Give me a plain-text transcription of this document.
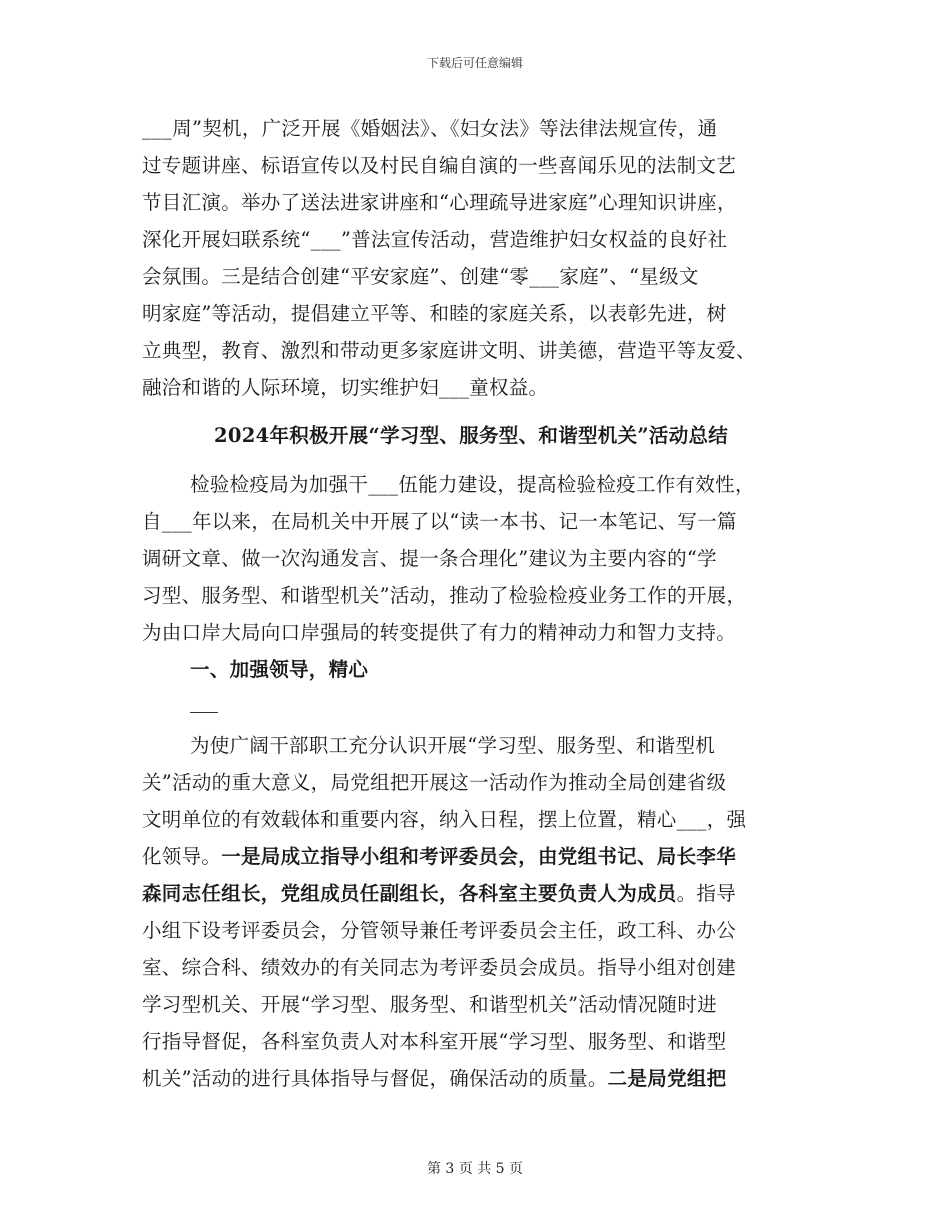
下载后可任意编辑
___周”契机，广泛开展《婚姻法》、《妇女法》等法律法规宣传，通
过专题讲座、标语宣传以及村民自编自演的一些喜闻乐见的法制文艺
节目汇演。举办了送法进家讲座和“心理疏导进家庭”心理知识讲座，
深化开展妇联系统“___”普法宣传活动，营造维护妇女权益的良好社
会氛围。三是结合创建“平安家庭”、创建“零___家庭”、“星级文
明家庭”等活动，提倡建立平等、和睦的家庭关系，以表彰先进，树
立典型，教育、激烈和带动更多家庭讲文明、讲美德，营造平等友爱、
融洽和谐的人际环境，切实维护妇___童权益。
2024年积极开展“学习型、服务型、和谐型机关”活动总结
检验检疫局为加强干___伍能力建设，提高检验检疫工作有效性，
自___年以来，在局机关中开展了以“读一本书、记一本笔记、写一篇
调研文章、做一次沟通发言、提一条合理化”建议为主要内容的“学
习型、服务型、和谐型机关”活动，推动了检验检疫业务工作的开展，
为由口岸大局向口岸强局的转变提供了有力的精神动力和智力支持。
一、加强领导，精心
为使广阔干部职工充分认识开展“学习型、服务型、和谐型机
关”活动的重大意义，局党组把开展这一活动作为推动全局创建省级
文明单位的有效载体和重要内容，纳入日程，摆上位置，精心___，强
化领导。一是局成立指导小组和考评委员会，由党组书记、局长李华
森同志任组长，党组成员任副组长，各科室主要负责人为成员。指导
小组下设考评委员会，分管领导兼任考评委员会主任，政工科、办公
室、综合科、绩效办的有关同志为考评委员会成员。指导小组对创建
学习型机关、开展“学习型、服务型、和谐型机关”活动情况随时进
行指导督促，各科室负责人对本科室开展“学习型、服务型、和谐型
机关”活动的进行具体指导与督促，确保活动的质量。二是局党组把
第 3 页 共 5 页
